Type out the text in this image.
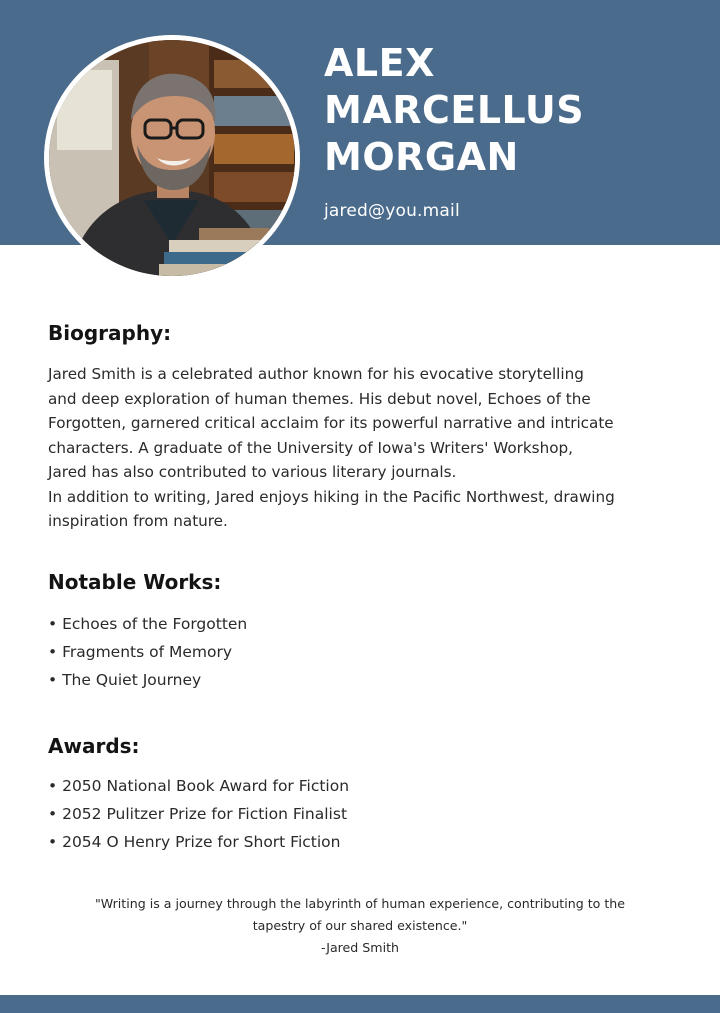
ALEX
MARCELLUS
MORGAN
jared@you.mail
Biography:

Jared Smith is a celebrated author known for his evocative storytelling

and deep exploration of human themes. His debut novel, Echoes of the

Forgotten, garnered critical acclaim for its powerful narrative and intricate

characters. A graduate of the University of Iowa's Writers' Workshop,

Jared has also contributed to various literary journals.

In addition to writing, Jared enjoys hiking in the Pacific Northwest, drawing

inspiration from nature.

Notable Works:
• Echoes of the Forgotten
• Fragments of Memory
• The Quiet Journey
Awards:
• 2050 National Book Award for Fiction
• 2052 Pulitzer Prize for Fiction Finalist
• 2054 O Henry Prize for Short Fiction
"Writing is a journey through the labyrinth of human experience, contributing to the
tapestry of our shared existence."
-Jared Smith
